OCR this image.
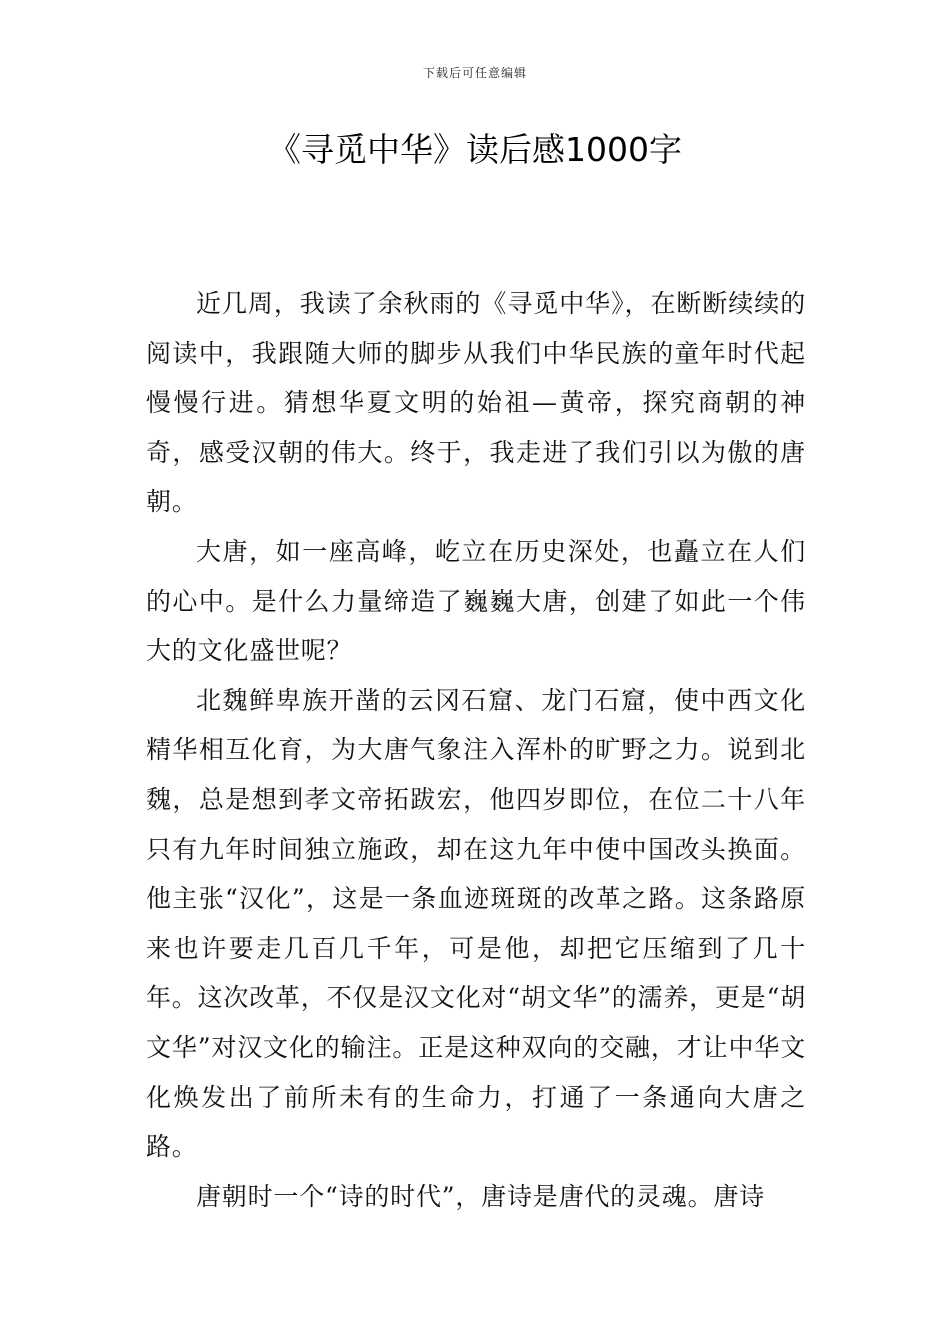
下载后可任意编辑
《寻觅中华》读后感1000字

近几周，我读了余秋雨的《寻觅中华》，在断断续续的阅读中，我跟随大师的脚步从我们中华民族的童年时代起慢慢行进。猜想华夏文明的始祖—黄帝，探究商朝的神奇，感受汉朝的伟大。终于，我走进了我们引以为傲的唐朝。

大唐，如一座高峰，屹立在历史深处，也矗立在人们的心中。是什么力量缔造了巍巍大唐，创建了如此一个伟大的文化盛世呢？

北魏鲜卑族开凿的云冈石窟、龙门石窟，使中西文化精华相互化育，为大唐气象注入浑朴的旷野之力。说到北魏，总是想到孝文帝拓跋宏，他四岁即位，在位二十八年只有九年时间独立施政，却在这九年中使中国改头换面。他主张“汉化”，这是一条血迹斑斑的改革之路。这条路原来也许要走几百几千年，可是他，却把它压缩到了几十年。这次改革，不仅是汉文化对“胡文华”的濡养，更是“胡文华”对汉文化的输注。正是这种双向的交融，才让中华文化焕发出了前所未有的生命力，打通了一条通向大唐之路。

唐朝时一个“诗的时代”，唐诗是唐代的灵魂。唐诗
